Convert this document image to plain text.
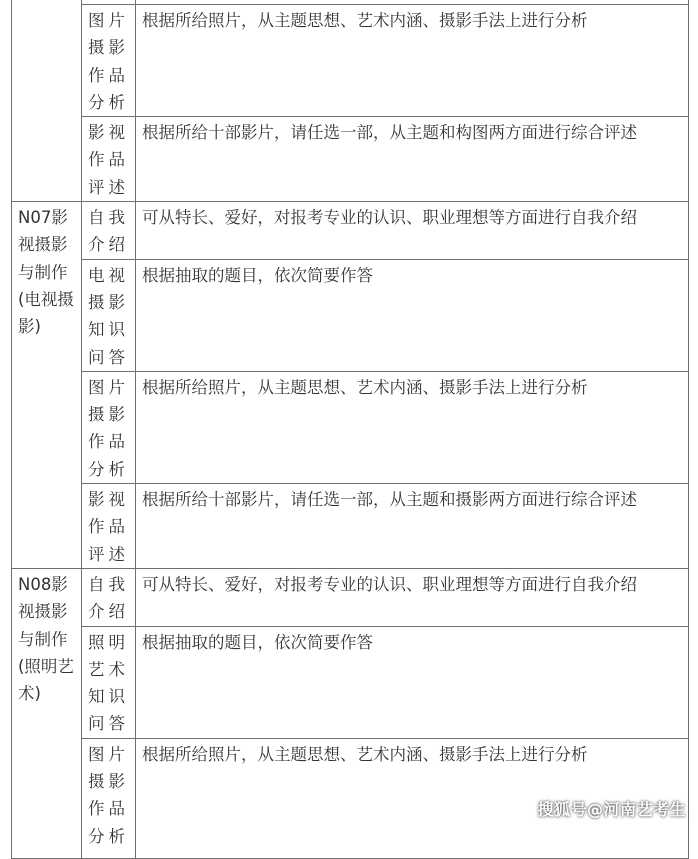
	图片摄影作品分析	根据所给照片，从主题思想、艺术内涵、摄影手法上进行分析
	影视作品评述	根据所给十部影片，请任选一部，从主题和构图两方面进行综合评述
N07影视摄影与制作(电视摄影)	自我介绍	可从特长、爱好，对报考专业的认识、职业理想等方面进行自我介绍
	电视摄影知识问答	根据抽取的题目，依次简要作答
	图片摄影作品分析	根据所给照片，从主题思想、艺术内涵、摄影手法上进行分析
	影视作品评述	根据所给十部影片，请任选一部，从主题和摄影两方面进行综合评述
N08影视摄影与制作(照明艺术)	自我介绍	可从特长、爱好，对报考专业的认识、职业理想等方面进行自我介绍
	照明艺术知识问答	根据抽取的题目，依次简要作答
	图片摄影作品分析	根据所给照片，从主题思想、艺术内涵、摄影手法上进行分析
搜狐号@河南艺考生
